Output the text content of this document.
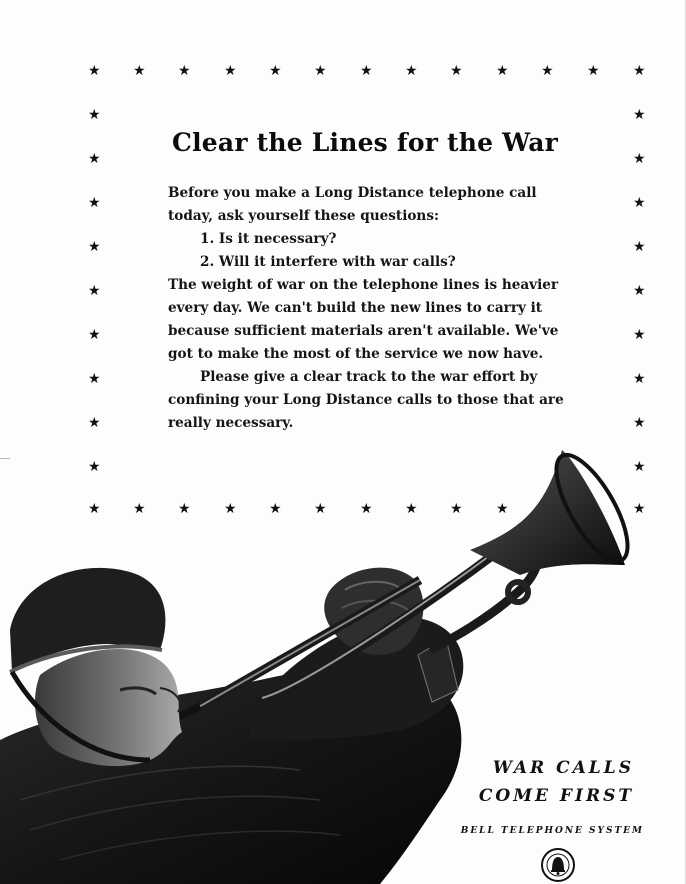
★ ★ ★ ★ ★ ★ ★ ★ ★ ★ ★ ★ ★
★ ★ ★ ★ ★ ★ ★ ★ ★ ★	★
★
★
★
★
★
★
★
★
★
★
★
★
★
★
★
★
★
★
Clear the Lines for the War

Before you make a Long Distance telephone call today, ask yourself these questions:

1. Is it necessary?

2. Will it interfere with war calls?

The weight of war on the telephone lines is heavier every day. We can't build the new lines to carry it because sufficient materials aren't available. We've got to make the most of the service we now have.

Please give a clear track to the war effort by confining your Long Distance calls to those that are really necessary.

WAR CALLS
COME FIRST
BELL TELEPHONE SYSTEM
